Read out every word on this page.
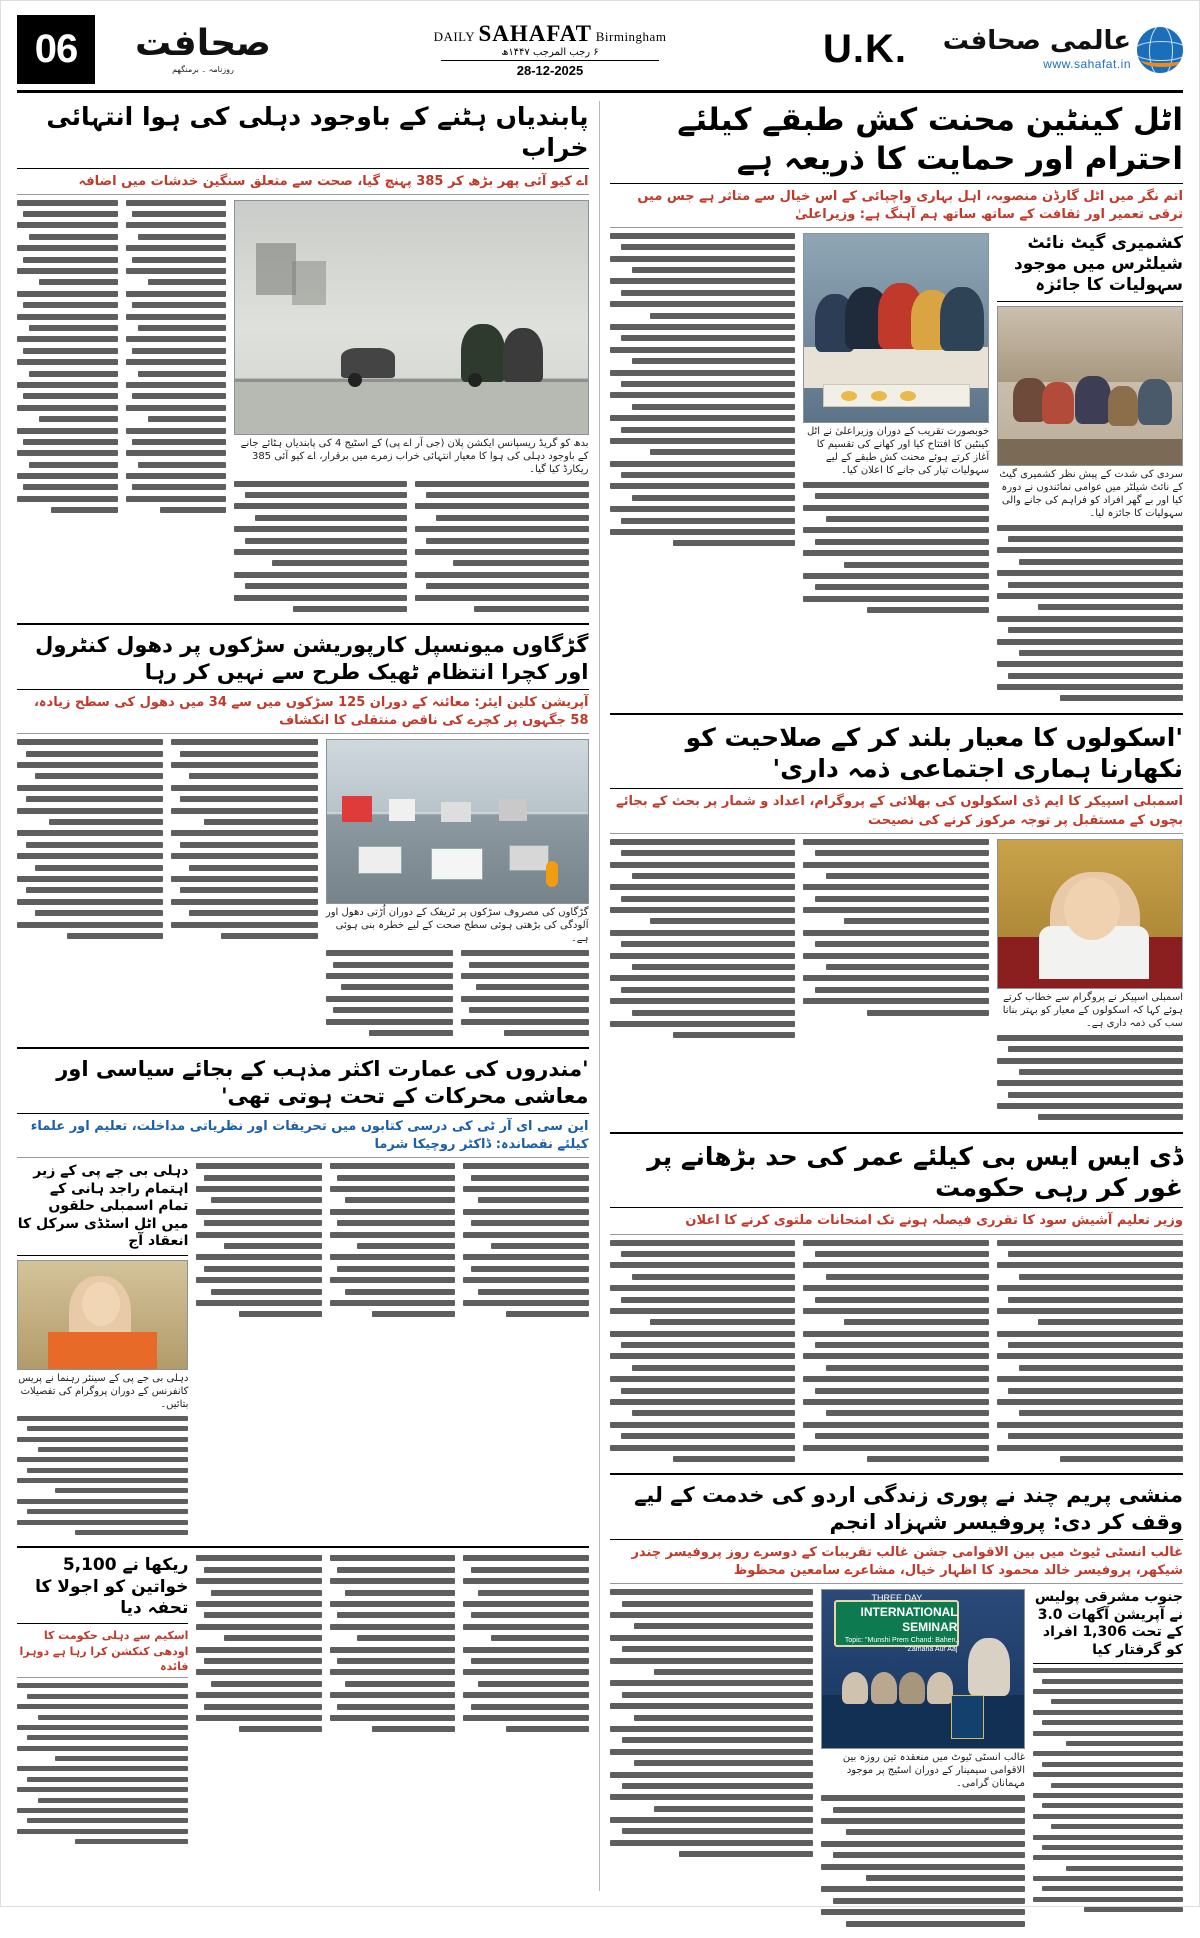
06	صحافت
روزنامہ ۔ برمنگھم
DAILY SAHAFAT Birmingham
۶ رجب المرجب ۱۴۴۷ھ
28-12-2025	U.K.	عالمی صحافت
www.sahafat.in
اٹل کینٹین محنت کش طبقے کیلئے احترام اور حمایت کا ذریعہ ہے
اتم نگر میں اٹل گارڈن منصوبہ، اہل بہاری واچپائی کے اس خیال سے متاثر ہے جس میں ترقی تعمیر اور ثقافت کے ساتھ ساتھ ہم آہنگ ہے: وزیراعلیٰ
کشمیری گیٹ نائٹ شیلٹرس میں موجود سہولیات کا جائزہ
سردی کی شدت کے پیش نظر کشمیری گیٹ کے نائٹ شیلٹر میں عوامی نمائندوں نے دورہ کیا اور بے گھر افراد کو فراہم کی جانے والی سہولیات کا جائزہ لیا۔
خوبصورت تقریب کے دوران وزیراعلیٰ نے اٹل کینٹین کا افتتاح کیا اور کھانے کی تقسیم کا آغاز کرتے ہوئے محنت کش طبقے کے لیے سہولیات تیار کی جانے کا اعلان کیا۔
'اسکولوں کا معیار بلند کر کے صلاحیت کو نکھارنا ہماری اجتماعی ذمہ داری'
اسمبلی اسپیکر کا ایم ڈی اسکولوں کی بھلائی کے پروگرام، اعداد و شمار پر بحث کے بجائے بچوں کے مستقبل پر توجہ مرکوز کرنے کی نصیحت
اسمبلی اسپیکر نے پروگرام سے خطاب کرتے ہوئے کہا کہ اسکولوں کے معیار کو بہتر بنانا سب کی ذمہ داری ہے۔
ڈی ایس ایس بی کیلئے عمر کی حد بڑھانے پر غور کر رہی حکومت
وزیر تعلیم آشیش سود کا تقرری فیصلہ ہونے تک امتحانات ملتوی کرنے کا اعلان
منشی پریم چند نے پوری زندگی اردو کی خدمت کے لیے وقف کر دی: پروفیسر شہزاد انجم
غالب انسٹی ٹیوٹ میں بین الاقوامی جشن غالب تقریبات کے دوسرے روز پروفیسر چندر شیکھر، پروفیسر خالد محمود کا اظہار خیال، مشاعرے سامعین محظوظ
جنوب مشرقی پولیس نے آپریشن آگھات 3.0 کے تحت 1,306 افراد کو گرفتار کیا
THREE DAY
INTERNATIONAL SEMINAR
Topic: "Munshi Prem Chand: Bahen, Zamana Aur Aaj"
غالب انسٹی ٹیوٹ میں منعقدہ تین روزہ بین الاقوامی سیمینار کے دوران اسٹیج پر موجود مہمانان گرامی۔
پابندیاں ہٹنے کے باوجود دہلی کی ہوا انتہائی خراب
اے کیو آئی پھر بڑھ کر 385 پہنچ گیا، صحت سے متعلق سنگین خدشات میں اضافہ
بدھ کو گریڈ ریسپانس ایکشن پلان (جی آر اے پی) کے اسٹیج 4 کی پابندیاں ہٹائے جانے کے باوجود دہلی کی ہوا کا معیار انتہائی خراب زمرے میں برقرار، اے کیو آئی 385 ریکارڈ کیا گیا۔
گڑگاوں میونسپل کارپوریشن سڑکوں پر دھول کنٹرول اور کچرا انتظام ٹھیک طرح سے نہیں کر رہا
آپریشن کلین ایئر: معائنہ کے دوران 125 سڑکوں میں سے 34 میں دھول کی سطح زیادہ، 58 جگہوں پر کچرے کی ناقص منتقلی کا انکشاف
گڑگاوں کی مصروف سڑکوں پر ٹریفک کے دوران اُڑتی دھول اور آلودگی کی بڑھتی ہوئی سطح صحت کے لیے خطرہ بنی ہوئی ہے۔
'مندروں کی عمارت اکثر مذہب کے بجائے سیاسی اور معاشی محرکات کے تحت ہوتی تھی'
این سی ای آر ٹی کی درسی کتابوں میں تحریفات اور نظریاتی مداخلت، تعلیم اور علماء کیلئے نقصاندہ: ڈاکٹر روچیکا شرما
دہلی بی جے پی کے زیر اہتمام راجد ہانی کے تمام اسمبلی حلقوں میں اٹل اسٹڈی سرکل کا انعقاد آج
دہلی بی جے پی کے سینئر رہنما نے پریس کانفرنس کے دوران پروگرام کی تفصیلات بتائیں۔
ریکھا نے 5,100 خواتین کو اجولا کا تحفہ دیا
اسکیم سے دہلی حکومت کا اودھی کنکشن کرا رہا ہے دوہرا فائدہ
